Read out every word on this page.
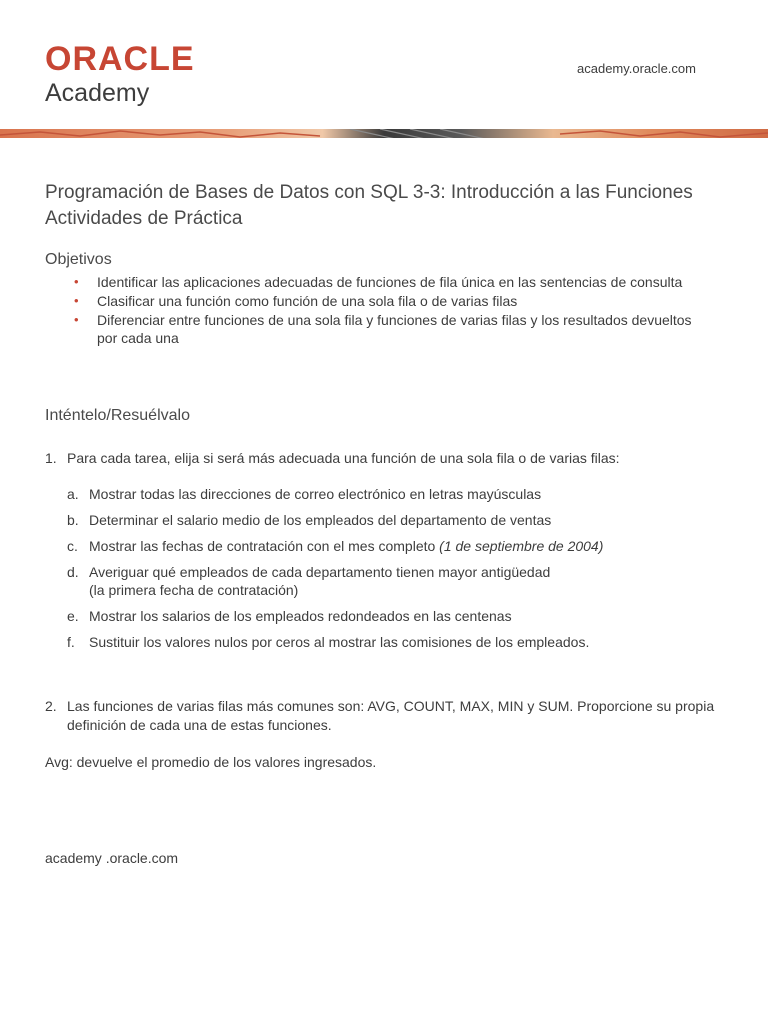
ORACLE
Academy
academy.oracle.com
Programación de Bases de Datos con SQL 3-3: Introducción a las Funciones Actividades de Práctica
Objetivos
• Identificar las aplicaciones adecuadas de funciones de fila única en las sentencias de consulta
• Clasificar una función como función de una sola fila o de varias filas
• Diferenciar entre funciones de una sola fila y funciones de varias filas y los resultados devueltos por cada una
Inténtelo/Resuélvalo
1. Para cada tarea, elija si será más adecuada una función de una sola fila o de varias filas:
a. Mostrar todas las direcciones de correo electrónico en letras mayúsculas
b. Determinar el salario medio de los empleados del departamento de ventas
c. Mostrar las fechas de contratación con el mes completo (1 de septiembre de 2004)
d. Averiguar qué empleados de cada departamento tienen mayor antigüedad
(la primera fecha de contratación)
e. Mostrar los salarios de los empleados redondeados en las centenas
f. Sustituir los valores nulos por ceros al mostrar las comisiones de los empleados.
2. Las funciones de varias filas más comunes son: AVG, COUNT, MAX, MIN y SUM. Proporcione su propia definición de cada una de estas funciones.
Avg: devuelve el promedio de los valores ingresados.
academy .oracle.com
